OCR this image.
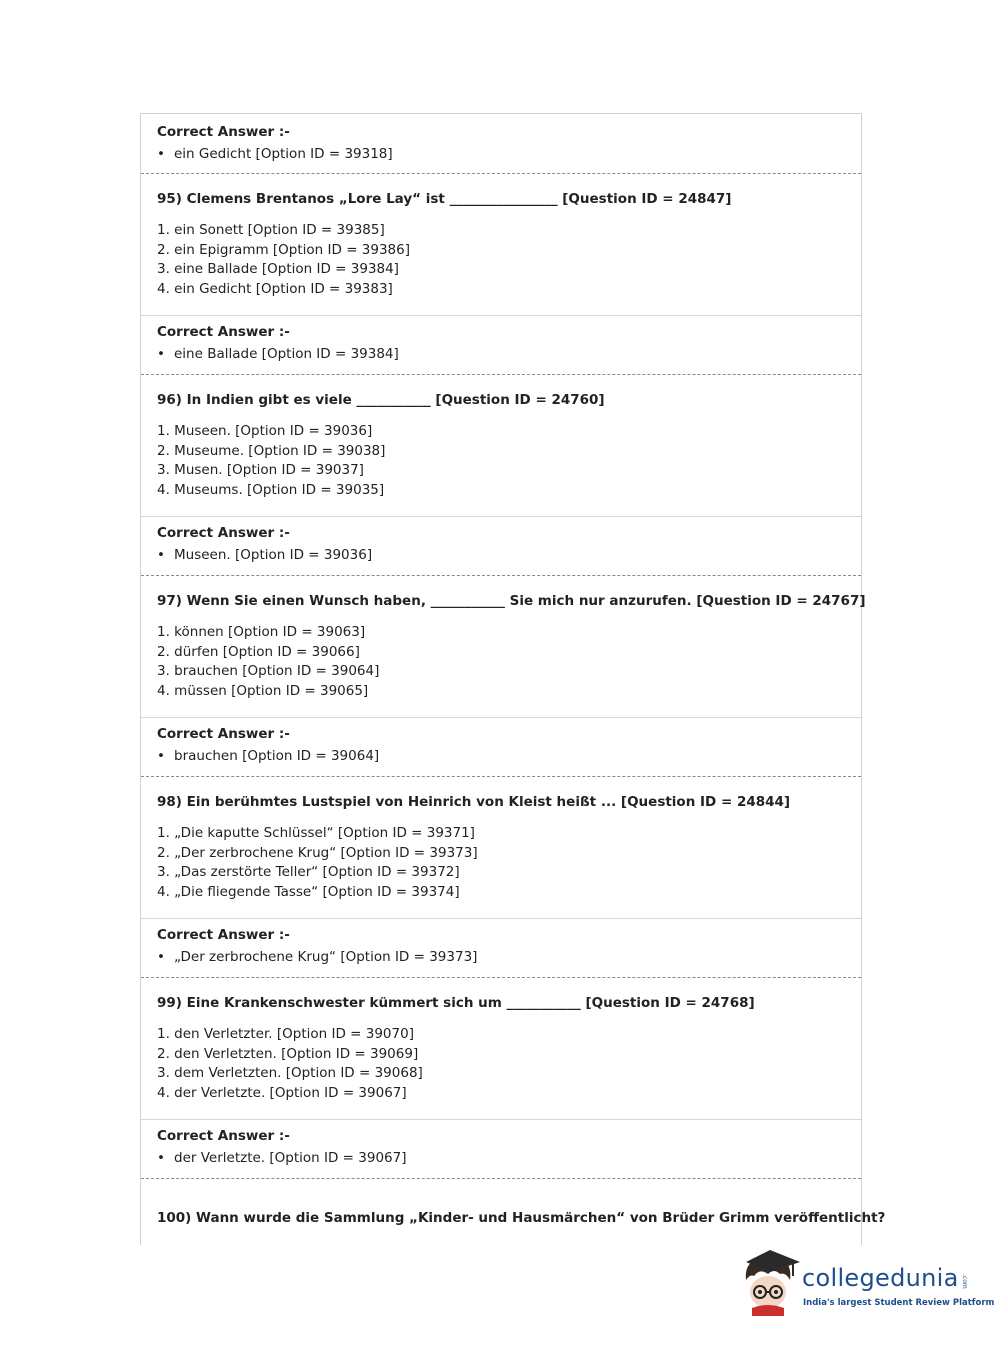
Correct Answer :-
• ein Gedicht [Option ID = 39318]
95) Clemens Brentanos „Lore Lay“ ist ________________ [Question ID = 24847]
1. ein Sonett [Option ID = 39385]
2. ein Epigramm [Option ID = 39386]
3. eine Ballade [Option ID = 39384]
4. ein Gedicht [Option ID = 39383]
Correct Answer :-
• eine Ballade [Option ID = 39384]
96) In Indien gibt es viele ___________ [Question ID = 24760]
1. Museen. [Option ID = 39036]
2. Museume. [Option ID = 39038]
3. Musen. [Option ID = 39037]
4. Museums. [Option ID = 39035]
Correct Answer :-
• Museen. [Option ID = 39036]
97) Wenn Sie einen Wunsch haben, ___________ Sie mich nur anzurufen. [Question ID = 24767]
1. können [Option ID = 39063]
2. dürfen [Option ID = 39066]
3. brauchen [Option ID = 39064]
4. müssen [Option ID = 39065]
Correct Answer :-
• brauchen [Option ID = 39064]
98) Ein berühmtes Lustspiel von Heinrich von Kleist heißt ... [Question ID = 24844]
1. „Die kaputte Schlüssel“ [Option ID = 39371]
2. „Der zerbrochene Krug“ [Option ID = 39373]
3. „Das zerstörte Teller“ [Option ID = 39372]
4. „Die fliegende Tasse“ [Option ID = 39374]
Correct Answer :-
• „Der zerbrochene Krug“ [Option ID = 39373]
99) Eine Krankenschwester kümmert sich um ___________ [Question ID = 24768]
1. den Verletzter. [Option ID = 39070]
2. den Verletzten. [Option ID = 39069]
3. dem Verletzten. [Option ID = 39068]
4. der Verletzte. [Option ID = 39067]
Correct Answer :-
• der Verletzte. [Option ID = 39067]
100) Wann wurde die Sammlung „Kinder- und Hausmärchen“ von Brüder Grimm veröffentlicht?
collegedunia .com
India's largest Student Review Platform
